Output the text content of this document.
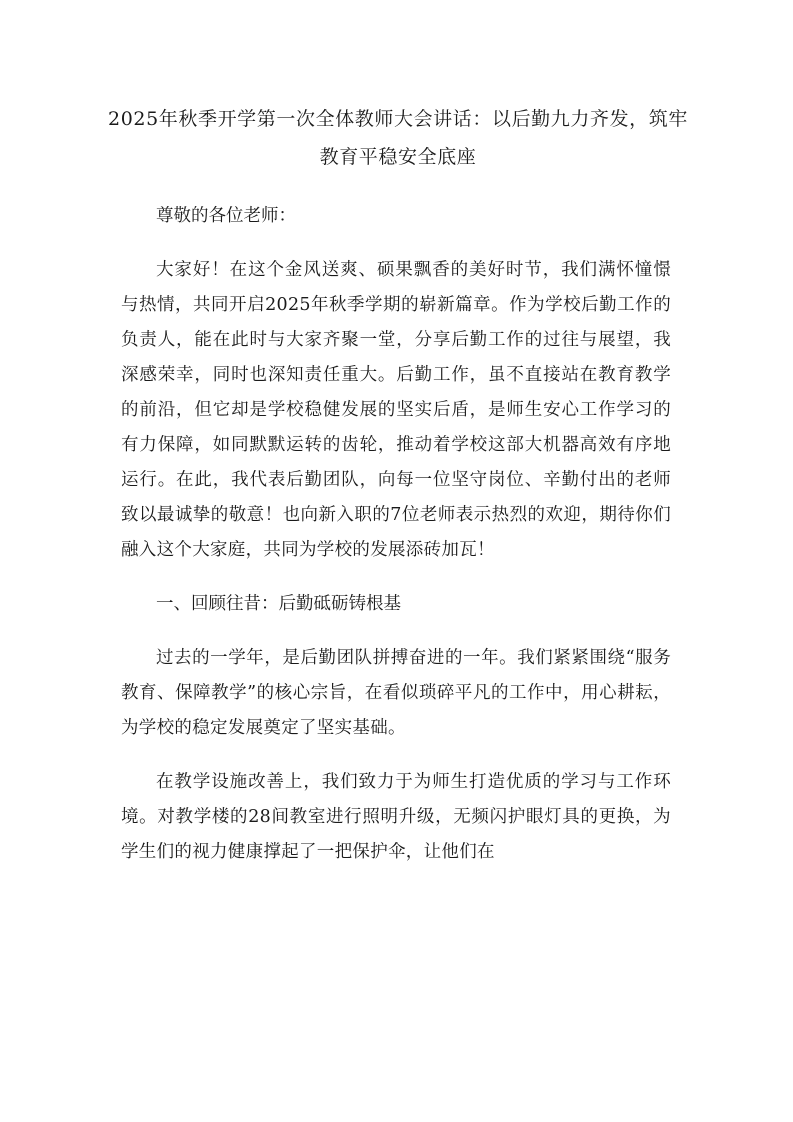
2025年秋季开学第一次全体教师大会讲话：以后勤九力齐发，筑牢教育平稳安全底座

尊敬的各位老师：

大家好！在这个金风送爽、硕果飘香的美好时节，我们满怀憧憬与热情，共同开启2025年秋季学期的崭新篇章。作为学校后勤工作的负责人，能在此时与大家齐聚一堂，分享后勤工作的过往与展望，我深感荣幸，同时也深知责任重大。后勤工作，虽不直接站在教育教学的前沿，但它却是学校稳健发展的坚实后盾，是师生安心工作学习的有力保障，如同默默运转的齿轮，推动着学校这部大机器高效有序地运行。在此，我代表后勤团队，向每一位坚守岗位、辛勤付出的老师致以最诚挚的敬意！也向新入职的7位老师表示热烈的欢迎，期待你们融入这个大家庭，共同为学校的发展添砖加瓦！

一、回顾往昔：后勤砥砺铸根基

过去的一学年，是后勤团队拼搏奋进的一年。我们紧紧围绕“服务教育、保障教学”的核心宗旨，在看似琐碎平凡的工作中，用心耕耘，为学校的稳定发展奠定了坚实基础。

在教学设施改善上，我们致力于为师生打造优质的学习与工作环境。对教学楼的28间教室进行照明升级，无频闪护眼灯具的更换，为学生们的视力健康撑起了一把保护伞，让他们在
